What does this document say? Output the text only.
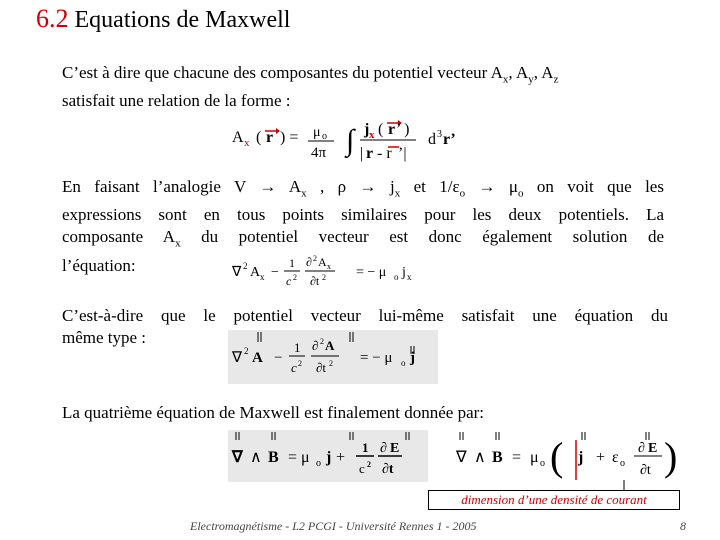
6.2 Equations de Maxwell
C’est à dire que chacune des composantes du potentiel vecteur $A_x$, $A_y$, $A_z$
satisfait une relation de la forme :
A x ( r ) = μ o
4π ∫ j x ( r ’ )
| r - r ’|
d 3 r’
En faisant l’analogie $V \to A_x$ , $\rho \to j_x$ et $1/\varepsilon_o \to \mu_o$ on voit que les
expressions sont en tous points similaires pour les deux potentiels. La
composante $A_x$ du potentiel vecteur est donc également solution de
l’équation:	∇ 2 A x −
1
c 2
∂ 2 A x
∂t 2 = − μ o j x
C’est-à-dire que le potentiel vecteur lui-même satisfait une équation du
même type :
∇ 2 A −
1
c 2
∂ 2 A
∂t 2 = − μ o j
La quatrième équation de Maxwell est finalement donnée par:
∇ ∧ B = μ o j +
1
c 2
∂ E
∂t
∇ ∧ B = μ o ( j + ε o
∂ E
∂t )
dimension d’une densité de courant
Electromagnétisme - L2 PCGI - Université Rennes 1 - 2005	8
